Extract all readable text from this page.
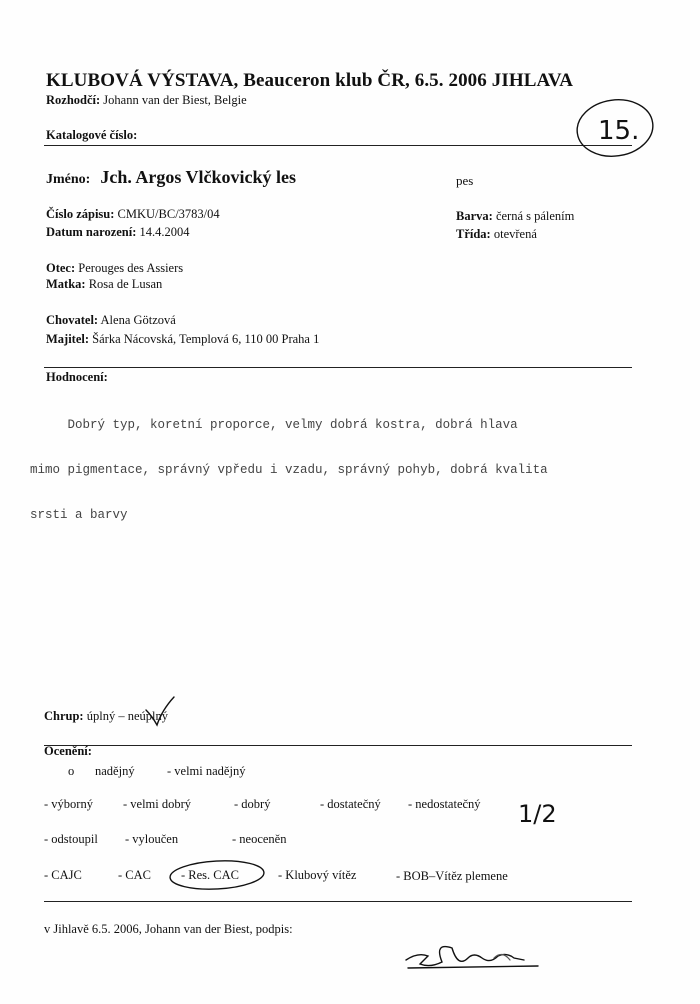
KLUBOVÁ VÝSTAVA, Beauceron klub ČR, 6.5. 2006 JIHLAVA
Rozhodčí: Johann van der Biest, Belgie
Katalogové číslo:	15.
Jméno: Jch. Argos Vlčkovický les	pes
Číslo zápisu: CMKU/BC/3783/04
Datum narození: 14.4.2004
Barva: černá s pálením
Třída: otevřená
Otec: Perouges des Assiers
Matka: Rosa de Lusan
Chovatel: Alena Götzová
Majitel: Šárka Nácovská, Templová 6, 110 00 Praha 1
Hodnocení:

Dobrý typ, koretní proporce, velmy dobrá kostra, dobrá hlava

mimo pigmentace, správný vpředu i vzadu, správný pohyb, dobrá kvalita

srsti a barvy

Chrup: úplný – neúplný
Ocenění:
o nadějný	- velmi nadějný
- výborný - velmi dobrý	- dobrý	- dostatečný - nedostatečný 1/2
- odstoupil - vyloučen	- neoceněn
- CAJC	- CAC - Res. CAC	- Klubový vítěz	- BOB–Vítěz plemene
v Jihlavě 6.5. 2006, Johann van der Biest, podpis:
